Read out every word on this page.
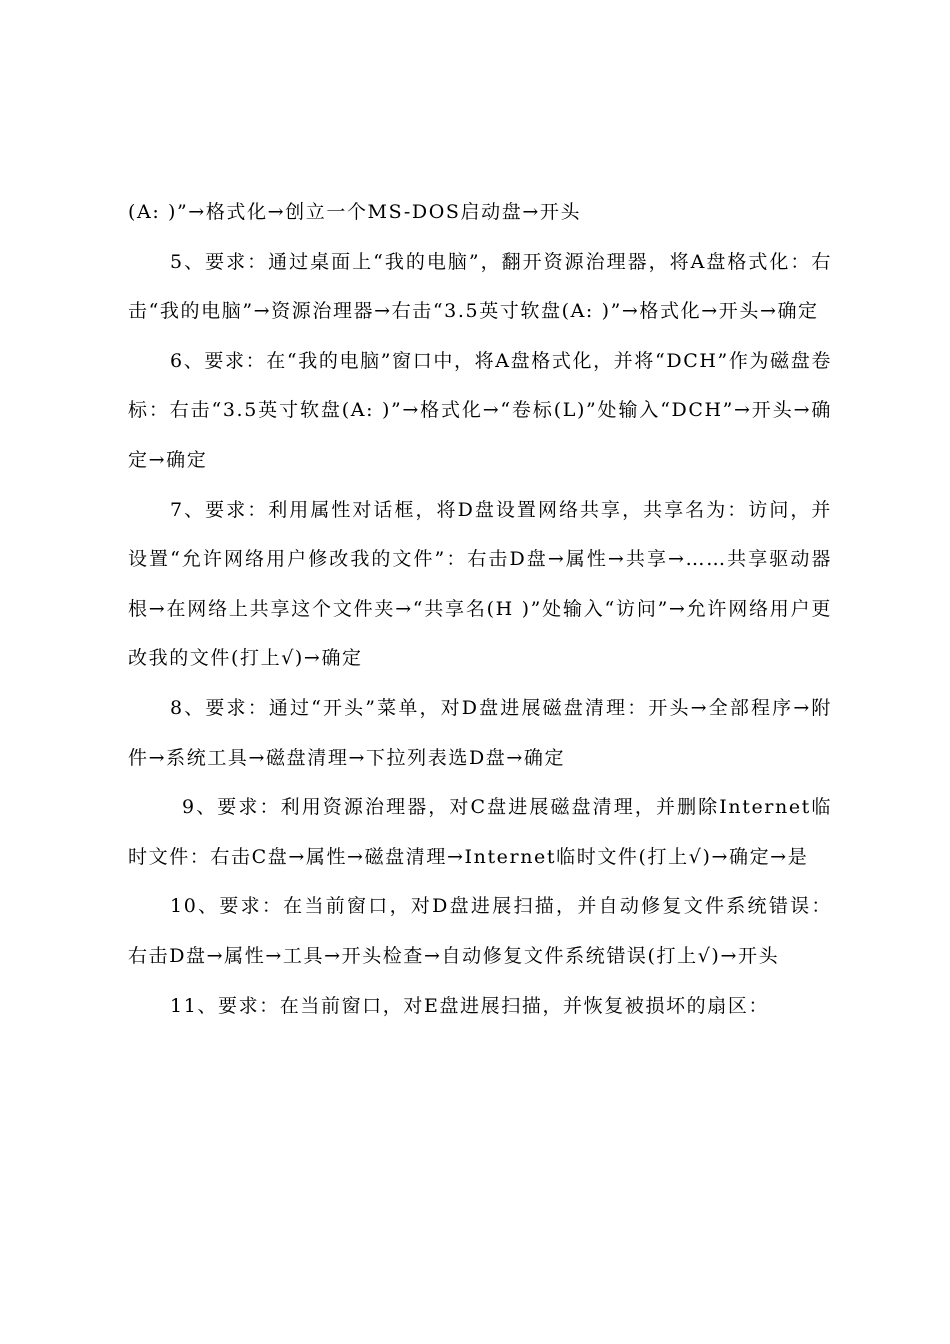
(A: )”→格式化→创立一个MS-DOS启动盘→开头

5、要求：通过桌面上“我的电脑”，翻开资源治理器，将A盘格式化：右击“我的电脑”→资源治理器→右击“3.5英寸软盘(A: )”→格式化→开头→确定

6、要求：在“我的电脑”窗口中，将A盘格式化，并将“DCH”作为磁盘卷标：右击“3.5英寸软盘(A: )”→格式化→“卷标(L)”处输入“DCH”→开头→确定→确定

7、要求：利用属性对话框，将D盘设置网络共享，共享名为：访问，并设置“允许网络用户修改我的文件”：右击D盘→属性→共享→……共享驱动器根→在网络上共享这个文件夹→“共享名(H )”处输入“访问”→允许网络用户更改我的文件(打上√)→确定

8、要求：通过“开头”菜单，对D盘进展磁盘清理：开头→全部程序→附件→系统工具→磁盘清理→下拉列表选D盘→确定

9、要求：利用资源治理器，对C盘进展磁盘清理，并删除Internet临时文件：右击C盘→属性→磁盘清理→Internet临时文件(打上√)→确定→是

10、要求：在当前窗口，对D盘进展扫描，并自动修复文件系统错误：右击D盘→属性→工具→开头检查→自动修复文件系统错误(打上√)→开头

11、要求：在当前窗口，对E盘进展扫描，并恢复被损坏的扇区：
